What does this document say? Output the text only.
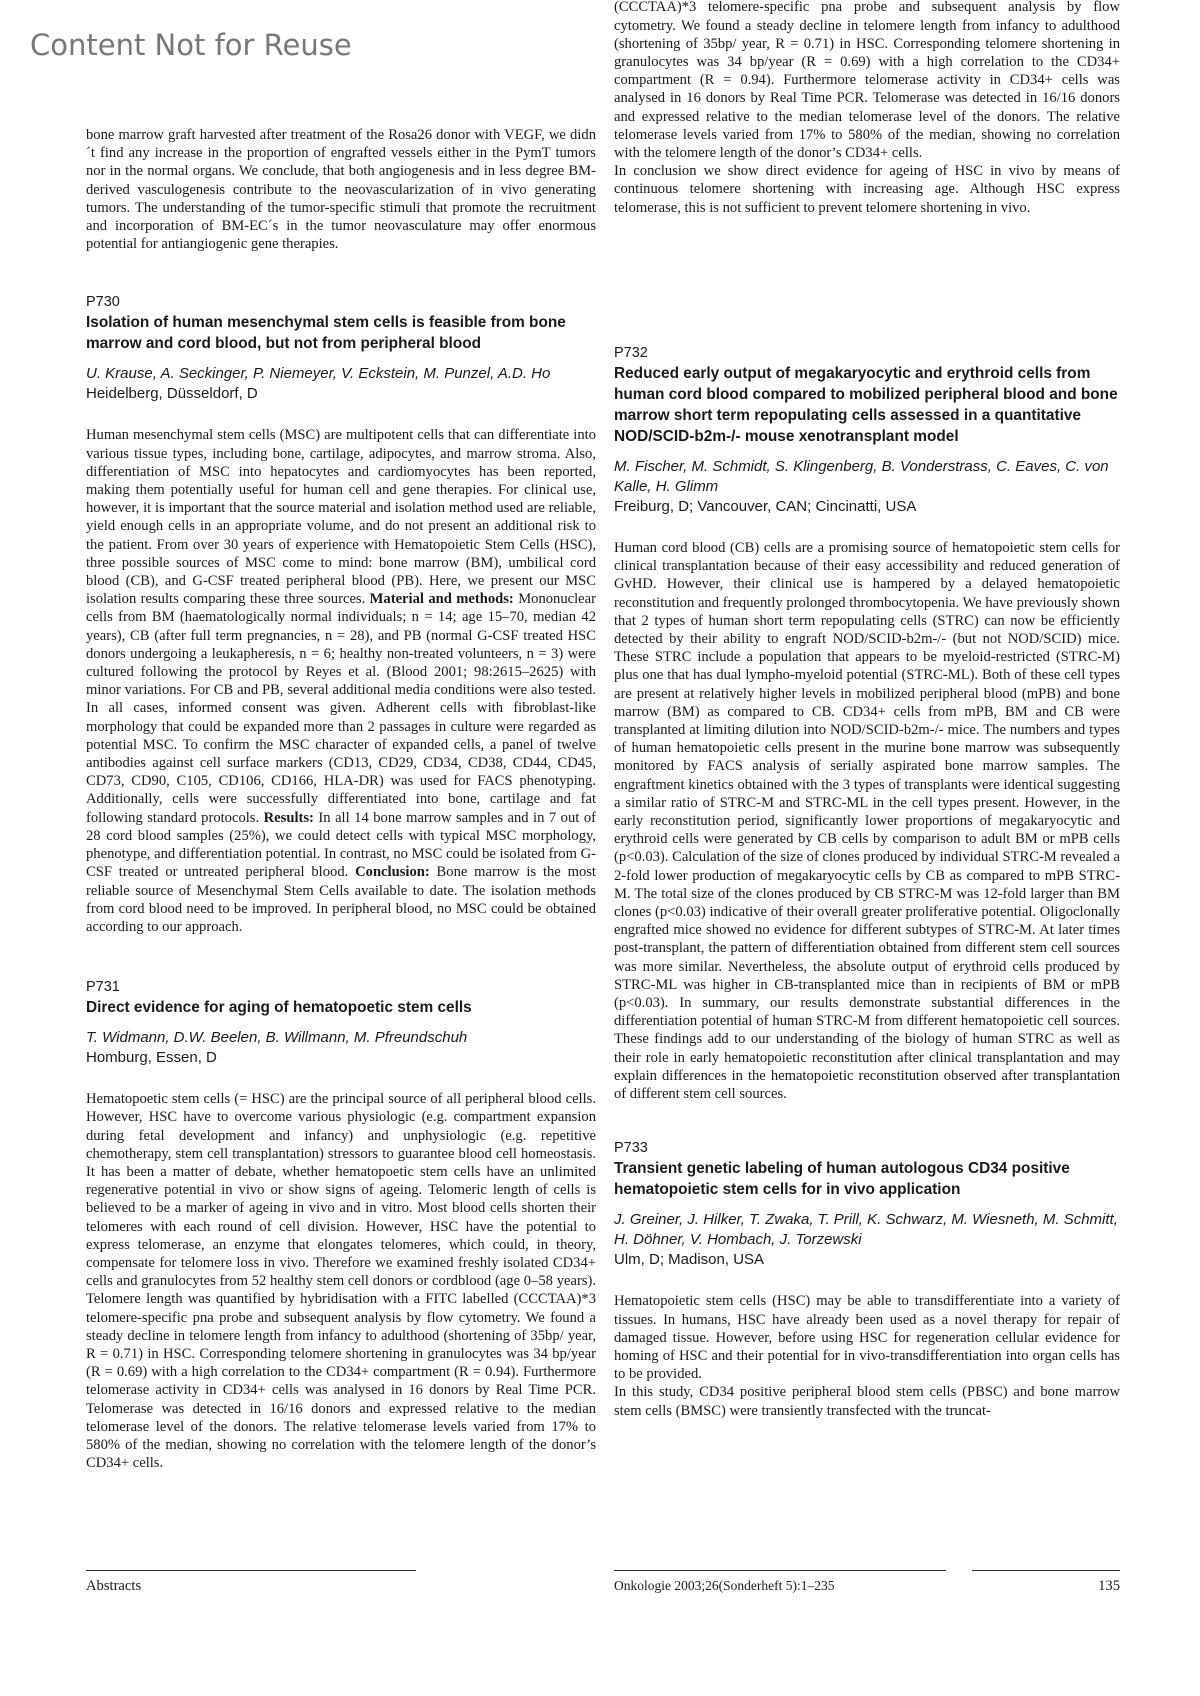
Content Not for Reuse

bone marrow graft harvested after treatment of the Rosa26 donor with VEGF, we didn´t find any increase in the proportion of engrafted vessels either in the PymT tumors nor in the normal organs. We conclude, that both angiogenesis and in less degree BM-derived vasculogenesis contribute to the neovascularization of in vivo generating tumors. The understanding of the tumor-specific stimuli that promote the recruitment and incorporation of BM-EC´s in the tumor neovasculature may offer enormous potential for antiangiogenic gene therapies.

P730
Isolation of human mesenchymal stem cells is feasible from bone marrow and cord blood, but not from peripheral blood
U. Krause, A. Seckinger, P. Niemeyer, V. Eckstein, M. Punzel, A.D. Ho
Heidelberg, Düsseldorf, D

Human mesenchymal stem cells (MSC) are multipotent cells that can differentiate into various tissue types, including bone, cartilage, adipocytes, and marrow stroma. Also, differentiation of MSC into hepatocytes and cardiomyocytes has been reported, making them potentially useful for human cell and gene therapies. For clinical use, however, it is important that the source material and isolation method used are reliable, yield enough cells in an appropriate volume, and do not present an additional risk to the patient. From over 30 years of experience with Hematopoietic Stem Cells (HSC), three possible sources of MSC come to mind: bone marrow (BM), umbilical cord blood (CB), and G-CSF treated peripheral blood (PB). Here, we present our MSC isolation results comparing these three sources. Material and methods: Mononuclear cells from BM (haematologically normal individuals; n = 14; age 15–70, median 42 years), CB (after full term pregnancies, n = 28), and PB (normal G-CSF treated HSC donors undergoing a leukapheresis, n = 6; healthy non-treated volunteers, n = 3) were cultured following the protocol by Reyes et al. (Blood 2001; 98:2615–2625) with minor variations. For CB and PB, several additional media conditions were also tested. In all cases, informed consent was given. Adherent cells with fibroblast-like morphology that could be expanded more than 2 passages in culture were regarded as potential MSC. To confirm the MSC character of expanded cells, a panel of twelve antibodies against cell surface markers (CD13, CD29, CD34, CD38, CD44, CD45, CD73, CD90, C105, CD106, CD166, HLA-DR) was used for FACS phenotyping. Additionally, cells were successfully differentiated into bone, cartilage and fat following standard protocols. Results: In all 14 bone marrow samples and in 7 out of 28 cord blood samples (25%), we could detect cells with typical MSC morphology, phenotype, and differentiation potential. In contrast, no MSC could be isolated from G-CSF treated or untreated peripheral blood. Conclusion: Bone marrow is the most reliable source of Mesenchymal Stem Cells available to date. The isolation methods from cord blood need to be improved. In peripheral blood, no MSC could be obtained according to our approach.

P731
Direct evidence for aging of hematopoetic stem cells
T. Widmann, D.W. Beelen, B. Willmann, M. Pfreundschuh
Homburg, Essen, D

Hematopoetic stem cells (= HSC) are the principal source of all peripheral blood cells. However, HSC have to overcome various physiologic (e.g. compartment expansion during fetal development and infancy) and unphysiologic (e.g. repetitive chemotherapy, stem cell transplantation) stressors to guarantee blood cell homeostasis. It has been a matter of debate, whether hematopoetic stem cells have an unlimited regenerative potential in vivo or show signs of ageing. Telomeric length of cells is believed to be a marker of ageing in vivo and in vitro. Most blood cells shorten their telomeres with each round of cell division. However, HSC have the potential to express telomerase, an enzyme that elongates telomeres, which could, in theory, compensate for telomere loss in vivo. Therefore we examined freshly isolated CD34+ cells and granulocytes from 52 healthy stem cell donors or cordblood (age 0–58 years). Telomere length was quantified by hybridisation with a FITC labelled (CCCTAA)*3 telomere-specific pna probe and subsequent analysis by flow cytometry. We found a steady decline in telomere length from infancy to adulthood (shortening of 35bp/ year, R = 0.71) in HSC. Corresponding telomere shortening in granulocytes was 34 bp/year (R = 0.69) with a high correlation to the CD34+ compartment (R = 0.94). Furthermore telomerase activity in CD34+ cells was analysed in 16 donors by Real Time PCR. Telomerase was detected in 16/16 donors and expressed relative to the median telomerase level of the donors. The relative telomerase levels varied from 17% to 580% of the median, showing no correlation with the telomere length of the donor’s CD34+ cells.

(CCCTAA)*3 telomere-specific pna probe and subsequent analysis by flow cytometry. We found a steady decline in telomere length from infancy to adulthood (shortening of 35bp/ year, R = 0.71) in HSC. Corresponding telomere shortening in granulocytes was 34 bp/year (R = 0.69) with a high correlation to the CD34+ compartment (R = 0.94). Furthermore telomerase activity in CD34+ cells was analysed in 16 donors by Real Time PCR. Telomerase was detected in 16/16 donors and expressed relative to the median telomerase level of the donors. The relative telomerase levels varied from 17% to 580% of the median, showing no correlation with the telomere length of the donor’s CD34+ cells.

In conclusion we show direct evidence for ageing of HSC in vivo by means of continuous telomere shortening with increasing age. Although HSC express telomerase, this is not sufficient to prevent telomere shortening in vivo.

P732
Reduced early output of megakaryocytic and erythroid cells from human cord blood compared to mobilized peripheral blood and bone marrow short term repopulating cells assessed in a quantitative NOD/SCID-b2m-/- mouse xenotransplant model
M. Fischer, M. Schmidt, S. Klingenberg, B. Vonderstrass, C. Eaves, C. von Kalle, H. Glimm
Freiburg, D; Vancouver, CAN; Cincinatti, USA

Human cord blood (CB) cells are a promising source of hematopoietic stem cells for clinical transplantation because of their easy accessibility and reduced generation of GvHD. However, their clinical use is hampered by a delayed hematopoietic reconstitution and frequently prolonged thrombocytopenia. We have previously shown that 2 types of human short term repopulating cells (STRC) can now be efficiently detected by their ability to engraft NOD/SCID-b2m-/- (but not NOD/SCID) mice. These STRC include a population that appears to be myeloid-restricted (STRC-M) plus one that has dual lympho-myeloid potential (STRC-ML). Both of these cell types are present at relatively higher levels in mobilized peripheral blood (mPB) and bone marrow (BM) as compared to CB. CD34+ cells from mPB, BM and CB were transplanted at limiting dilution into NOD/SCID-b2m-/- mice. The numbers and types of human hematopoietic cells present in the murine bone marrow was subsequently monitored by FACS analysis of serially aspirated bone marrow samples. The engraftment kinetics obtained with the 3 types of transplants were identical suggesting a similar ratio of STRC-M and STRC-ML in the cell types present. However, in the early reconstitution period, significantly lower proportions of megakaryocytic and erythroid cells were generated by CB cells by comparison to adult BM or mPB cells (p<0.03). Calculation of the size of clones produced by individual STRC-M revealed a 2-fold lower production of megakaryocytic cells by CB as compared to mPB STRC-M. The total size of the clones produced by CB STRC-M was 12-fold larger than BM clones (p<0.03) indicative of their overall greater proliferative potential. Oligoclonally engrafted mice showed no evidence for different subtypes of STRC-M. At later times post-transplant, the pattern of differentiation obtained from different stem cell sources was more similar. Nevertheless, the absolute output of erythroid cells produced by STRC-ML was higher in CB-transplanted mice than in recipients of BM or mPB (p<0.03). In summary, our results demonstrate substantial differences in the differentiation potential of human STRC-M from different hematopoietic cell sources. These findings add to our understanding of the biology of human STRC as well as their role in early hematopoietic reconstitution after clinical transplantation and may explain differences in the hematopoietic reconstitution observed after transplantation of different stem cell sources.

P733
Transient genetic labeling of human autologous CD34 positive hematopoietic stem cells for in vivo application
J. Greiner, J. Hilker, T. Zwaka, T. Prill, K. Schwarz, M. Wiesneth, M. Schmitt, H. Döhner, V. Hombach, J. Torzewski
Ulm, D; Madison, USA

Hematopoietic stem cells (HSC) may be able to transdifferentiate into a variety of tissues. In humans, HSC have already been used as a novel therapy for repair of damaged tissue. However, before using HSC for regeneration cellular evidence for homing of HSC and their potential for in vivo-transdifferentiation into organ cells has to be provided.

In this study, CD34 positive peripheral blood stem cells (PBSC) and bone marrow stem cells (BMSC) were transiently transfected with the truncat-

Abstracts	Onkologie 2003;26(Sonderheft 5):1–235	135
